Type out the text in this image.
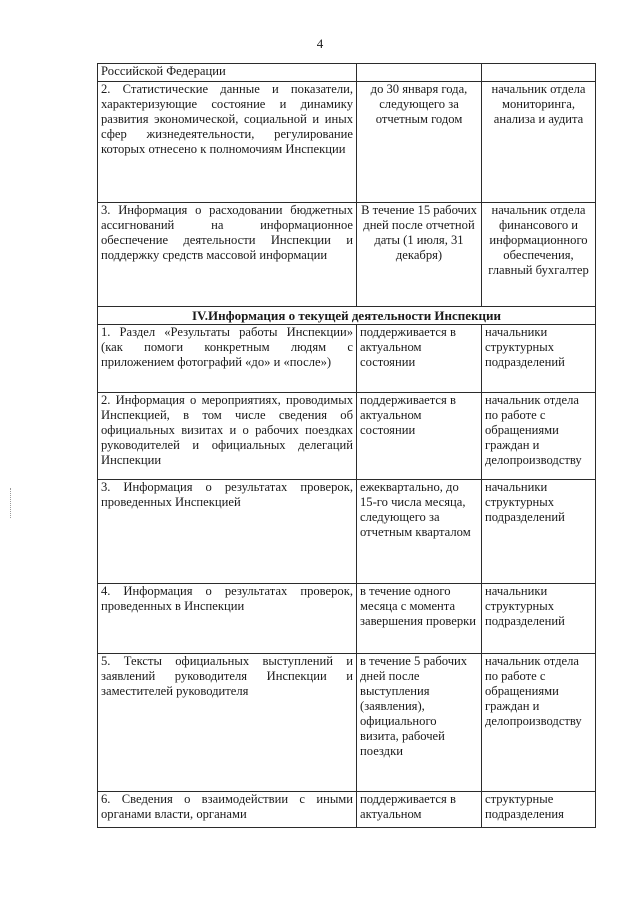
4
Российской Федерации		
2. Статистические данные и показатели, характеризующие состояние и динамику развития экономической, социальной и иных сфер жизнедеятельности, регулирование которых отнесено к полномочиям Инспекции	до 30 января года, следующего за отчетным годом	начальник отдела мониторинга, анализа и аудита
3. Информация о расходовании бюджетных ассигнований на информационное обеспечение деятельности Инспекции и поддержку средств массовой информации	В течение 15 рабочих дней после отчетной даты (1 июля, 31 декабря)	начальник отдела финансового и информационного обеспечения, главный бухгалтер
IV.Информация о текущей деятельности Инспекции		
1. Раздел «Результаты работы Инспекции» (как помоги конкретным людям с приложением фотографий «до» и «после»)	поддерживается в актуальном состоянии	начальники структурных подразделений
2. Информация о мероприятиях, проводимых Инспекцией, в том числе сведения об официальных визитах и о рабочих поездках руководителей и официальных делегаций Инспекции	поддерживается в актуальном состоянии	начальник отдела по работе с обращениями граждан и делопроизводству
3. Информация о результатах проверок, проведенных Инспекцией	ежеквартально, до 15-го числа месяца, следующего за отчетным кварталом	начальники структурных подразделений
4. Информация о результатах проверок, проведенных в Инспекции	в течение одного месяца с момента завершения проверки	начальники структурных подразделений
5. Тексты официальных выступлений и заявлений руководителя Инспекции и заместителей руководителя	в течение 5 рабочих дней после выступления (заявления), официального визита, рабочей поездки	начальник отдела по работе с обращениями граждан и делопроизводству
6. Сведения о взаимодействии с иными органами власти, органами	поддерживается в актуальном	структурные подразделения
